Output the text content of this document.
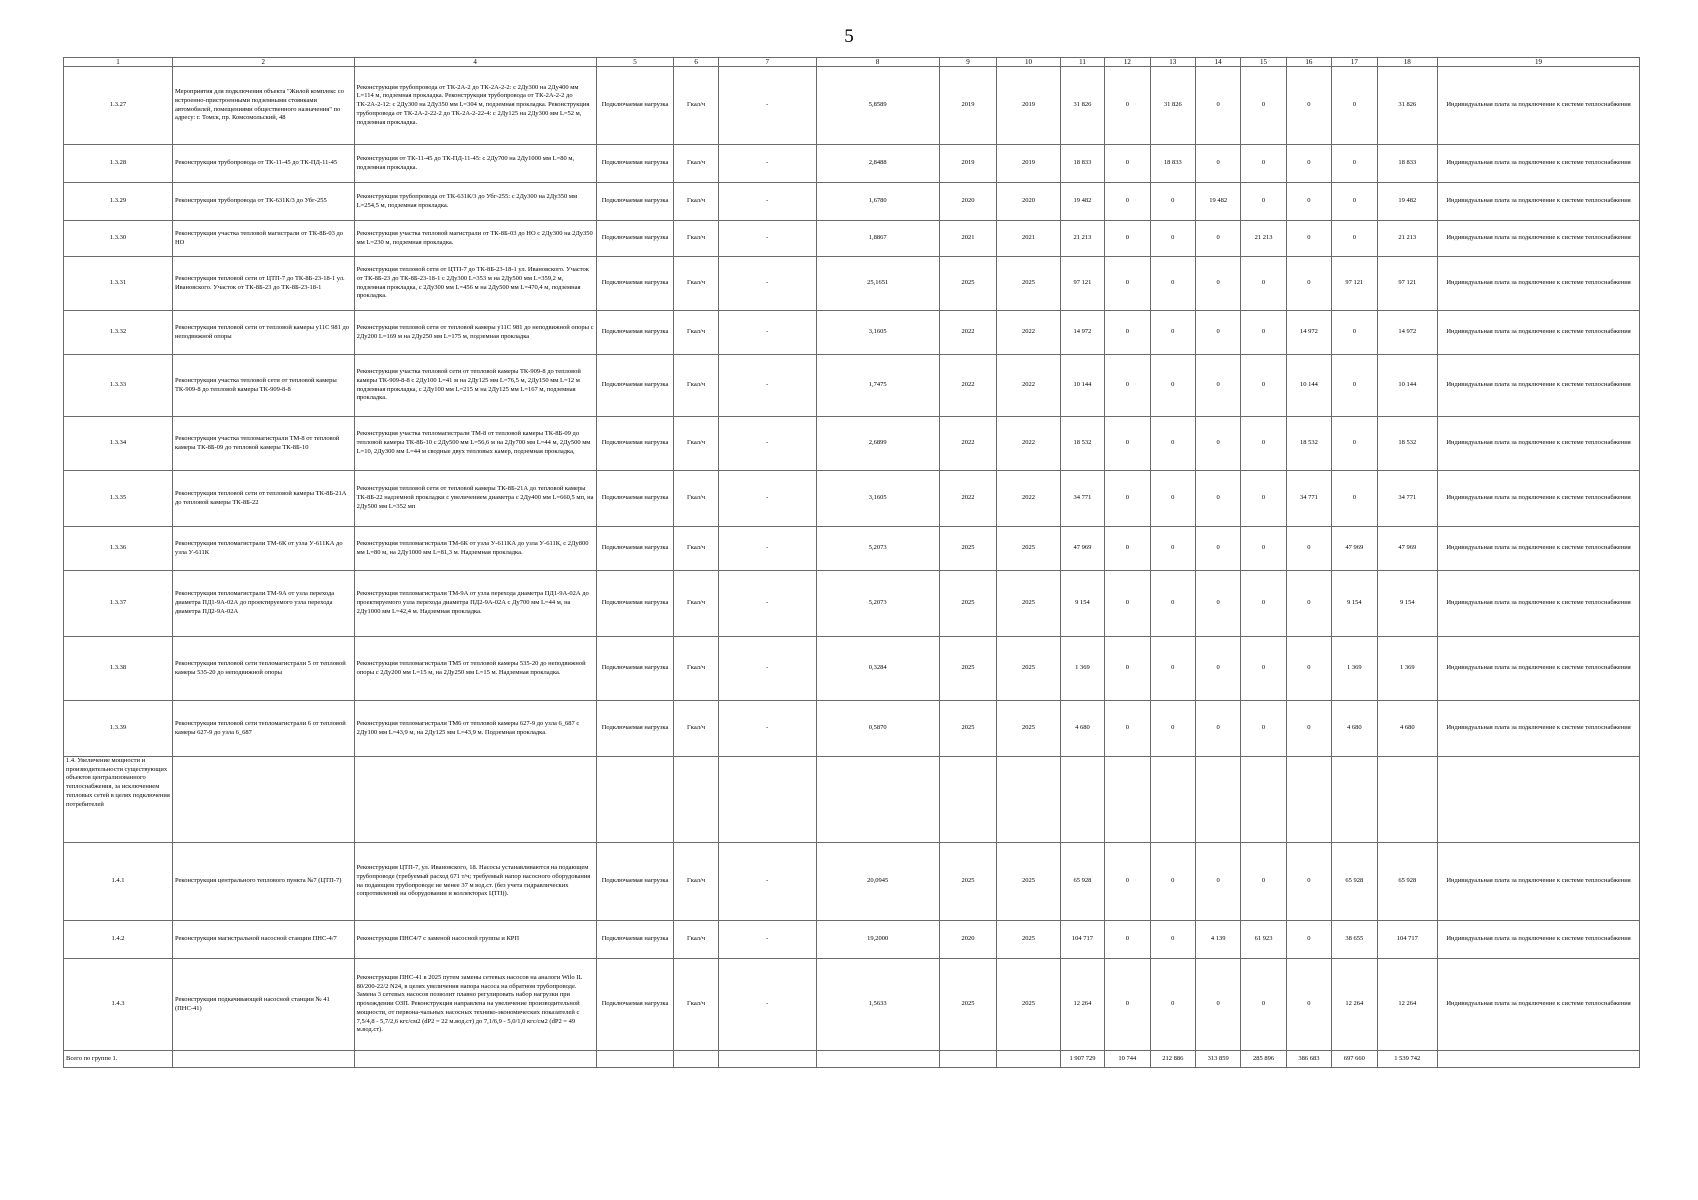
5
1	2	4	5	6	7	8	9	10	11	12	13	14	15	16	17	18	19
1.3.27	Мероприятия для подключения объекта "Жилой комплекс со встроенно-пристроенными подземными стоянками автомобилей, помещениями общественного назначения" по адресу: г. Томск, пр. Комсомольский, 48	Реконструкция трубопровода от ТК-2А-2 до ТК-2А-2-2: с 2Ду300 на 2Ду400 мм L=114 м, подземная прокладка. Реконструкция трубопровода от ТК-2А-2-2 до ТК-2А-2-12: с 2Ду300 на 2Ду350 мм L=304 м, подземная прокладка. Реконструкция трубопровода от ТК-2А-2-22-2 до ТК-2А-2-22-4: с 2Ду125 на 2Ду300 мм L=52 м, подземная прокладка.	Подключаемая нагрузка	Гкал/ч	-	5,8589	2019	2019	31 826	0	31 826	0	0	0	0	31 826	Индивидуальная плата за подключение к системе теплоснабжения
1.3.28	Реконструкция трубопровода от ТК-11-45 до ТК-ПД-11-45	Реконструкция от ТК-11-45 до ТК-ПД-11-45: с 2Ду700 на 2Ду1000 мм L=80 м, подземная прокладка.	Подключаемая нагрузка	Гкал/ч	-	2,8488	2019	2019	18 833	0	18 833	0	0	0	0	18 833	Индивидуальная плата за подключение к системе теплоснабжения
1.3.29	Реконструкция трубопровода от ТК-631К/3 до Убг-255	Реконструкция трубопровода от ТК-631К/3 до Убг-255: с 2Ду300 на 2Ду350 мм L=254,5 м, подземная прокладка.	Подключаемая нагрузка	Гкал/ч	-	1,6780	2020	2020	19 482	0	0	19 482	0	0	0	19 482	Индивидуальная плата за подключение к системе теплоснабжения
1.3.30	Реконструкция участка тепловой магистрали от ТК-8Б-03 до НО	Реконструкция участка тепловой магистрали от ТК-8Б-03 до НО с 2Ду300 на 2Ду350 мм L=230 м, подземная прокладка.	Подключаемая нагрузка	Гкал/ч	-	1,8867	2021	2021	21 213	0	0	0	21 213	0	0	21 213	Индивидуальная плата за подключение к системе теплоснабжения
1.3.31	Реконструкция тепловой сети от ЦТП-7 до ТК-8Б-23-18-1 ул. Ивановского. Участок от ТК-8Б-23 до ТК-8Б-23-18-1	Реконструкция тепловой сети от ЦТП-7 до ТК-8Б-23-18-1 ул. Ивановского. Участок от ТК-8Б-23 до ТК-8Б-23-18-1 с 2Ду300 L=353 м на 2Ду500 мм L=359,2 м, подземная прокладка, с 2Ду300 мм L=456 м на 2Ду500 мм L=470,4 м, подземная прокладка.	Подключаемая нагрузка	Гкал/ч	-	25,1651	2025	2025	97 121	0	0	0	0	0	97 121	97 121	Индивидуальная плата за подключение к системе теплоснабжения
1.3.32	Реконструкция тепловой сети от тепловой камеры у11С 981 до неподвижной опоры	Реконструкция тепловой сети от тепловой камеры у11С 981 до неподвижной опоры с 2Ду200 L=169 м на 2Ду250 мм L=175 м, подземная прокладка	Подключаемая нагрузка	Гкал/ч	-	3,1605	2022	2022	14 972	0	0	0	0	14 972	0	14 972	Индивидуальная плата за подключение к системе теплоснабжения
1.3.33	Реконструкция участка тепловой сети от тепловой камеры ТК-909-8 до тепловой камеры ТК-909-8-8	Реконструкция участка тепловой сети от тепловой камеры ТК-909-8 до тепловой камеры ТК-909-8-8 с 2Ду100 L=41 м на 2Ду125 мм L=76,5 м, 2Ду150 мм L=12 м подземная прокладка, с 2Ду100 мм L=215 м на 2Ду125 мм L=167 м, подземная прокладка.	Подключаемая нагрузка	Гкал/ч	-	1,7475	2022	2022	10 144	0	0	0	0	10 144	0	10 144	Индивидуальная плата за подключение к системе теплоснабжения
1.3.34	Реконструкция участка тепломагистрали ТМ-8 от тепловой камеры ТК-8Б-09 до тепловой камеры ТК-8Б-10	Реконструкция участка тепломагистрали ТМ-8 от тепловой камеры ТК-8Б-09 до тепловой камеры ТК-8Б-10 с 2Ду500 мм L=56,6 м на 2Ду700 мм L=44 м, 2Ду500 мм L=10, 2Ду300 мм L=44 м сводные двух тепловых камер, подземная прокладка,	Подключаемая нагрузка	Гкал/ч	-	2,6899	2022	2022	18 532	0	0	0	0	18 532	0	18 532	Индивидуальная плата за подключение к системе теплоснабжения
1.3.35	Реконструкция тепловой сети от тепловой камеры ТК-8Б-21А до тепловой камеры ТК-8Б-22	Реконструкция тепловой сети от тепловой камеры ТК-8Б-21А до тепловой камеры ТК-8Б-22 надземной прокладки с увеличением диаметра с 2Ду400 мм L=660,5 мп, на 2Ду500 мм L=352 мп	Подключаемая нагрузка	Гкал/ч	-	3,1605	2022	2022	34 771	0	0	0	0	34 771	0	34 771	Индивидуальная плата за подключение к системе теплоснабжения
1.3.36	Реконструкция тепломагистрали ТМ-6К от узла У-611КА до узла У-611К	Реконструкция тепломагистрали ТМ-6К от узла У-611КА до узла У-611К, с 2Ду800 мм L=80 м, на 2Ду1000 мм L=81,3 м. Надземная прокладка.	Подключаемая нагрузка	Гкал/ч	-	5,2073	2025	2025	47 969	0	0	0	0	0	47 969	47 969	Индивидуальная плата за подключение к системе теплоснабжения
1.3.37	Реконструкция тепломагистрали ТМ-9А от узла перехода диаметра ПД1-9А-02А до проектируемого узла перехода диаметра ПД2-9А-02А	Реконструкция тепломагистрали ТМ-9А от узла перехода диаметра ПД1-9А-02А до проектируемого узла перехода диаметра ПД2-9А-02А с Ду700 мм L=44 м, на 2Ду1000 мм L=42,4 м. Надземная прокладка.	Подключаемая нагрузка	Гкал/ч	-	5,2073	2025	2025	9 154	0	0	0	0	0	9 154	9 154	Индивидуальная плата за подключение к системе теплоснабжения
1.3.38	Реконструкция тепловой сети тепломагистрали 5 от тепловой камеры 535-20 до неподвижной опоры	Реконструкция тепломагистрали ТМ5 от тепловой камеры 535-20 до неподвижной опоры с 2Ду200 мм L=15 м, на 2Ду250 мм L=15 м. Надземная прокладка.	Подключаемая нагрузка	Гкал/ч	-	0,3284	2025	2025	1 369	0	0	0	0	0	1 369	1 369	Индивидуальная плата за подключение к системе теплоснабжения
1.3.39	Реконструкция тепловой сети тепломагистрали 6 от тепловой камеры 627-9 до узла 6_687	Реконструкция тепломагистрали ТМ6 от тепловой камеры 627-9 до узла 6_687 с 2Ду100 мм L=43,9 м, на 2Ду125 мм L=43,9 м. Подземная прокладка.	Подключаемая нагрузка	Гкал/ч	-	0,5870	2025	2025	4 680	0	0	0	0	0	4 680	4 680	Индивидуальная плата за подключение к системе теплоснабжения
1.4. Увеличение мощности и производительности существующих объектов централизованного теплоснабжения, за исключением тепловых сетей в целях подключения потребителей																	
1.4.1	Реконструкция центрального теплового пункта №7 (ЦТП-7)	Реконструкция ЦТП-7, ул. Ивановского, 18. Насосы устанавливаются на подающем трубопроводе (требуемый расход 671 т/ч; требуемый напор насосного оборудования на подающем трубопроводе не менее 37 м вод.ст. (без учета гидравлических сопротивлений на оборудовании и коллекторах ЦТП)).	Подключаемая нагрузка	Гкал/ч	-	20,0945	2025	2025	65 928	0	0	0	0	0	65 928	65 928	Индивидуальная плата за подключение к системе теплоснабжения
1.4.2	Реконструкция магистральной насосной станции ПНС-4/7	Реконструкция ПНС4/7 с заменой насосной группы и КРП	Подключаемая нагрузка	Гкал/ч	-	19,2000	2020	2025	104 717	0	0	4 139	61 923	0	38 655	104 717	Индивидуальная плата за подключение к системе теплоснабжения
1.4.3	Реконструкция подкачивающей насосной станции № 41 (ПНС-41)	Реконструкция ПНС-41 в 2025 путем замены сетевых насосов на аналоги Wilo IL 80/200-22/2 N24, в целях увеличения напора насоса на обратном трубопроводе. Замена 3 сетевых насосов позволит плавно регулировать набор нагрузки при прохождении ОЗП. Реконструкция направлена на увеличение производительной мощности, от первона-чальных насосных технико-экономических показателей с 7,5/4,8 - 5,7/2,6 кгс/см2 (dP2 = 22 м.вод.ст) до 7,1/6,9 - 5,0/1,0 кгс/см2 (dP2 = 49 м.вод.ст).	Подключаемая нагрузка	Гкал/ч	-	1,5633	2025	2025	12 264	0	0	0	0	0	12 264	12 264	Индивидуальная плата за подключение к системе теплоснабжения
Всего по группе 1.									1 907 729	10 744	212 886	313 859	285 896	386 683	697 660	1 539 742	
